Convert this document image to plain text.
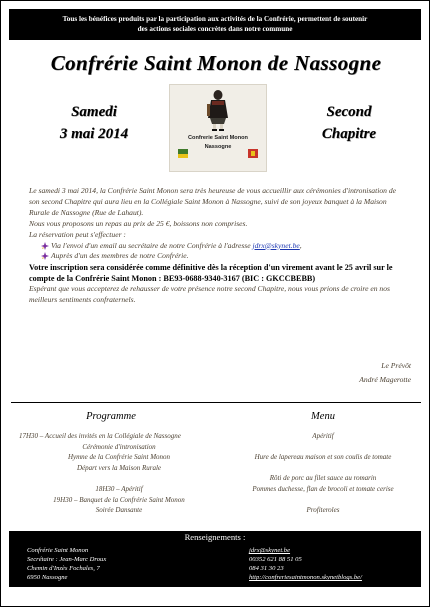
Tous les bénéfices produits par la participation aux activités de la Confrérie, permettent de soutenir
des actions sociales concrètes dans notre commune
Confrérie Saint Monon de Nassogne
Samedi
3 mai 2014	Confrerie Saint Monon
Nassogne
Second
Chapitre

Le samedi 3 mai 2014, la Confrérie Saint Monon sera très heureuse de vous accueillir aux cérémonies d'intronisation de son second Chapitre qui aura lieu en la Collégiale Saint Monon à Nassogne, suivi de son joyeux banquet à la Maison Rurale de Nassogne (Rue de Lahaut).

Nous vous proposons un repas au prix de 25 €, boissons non comprises.

La réservation peut s'effectuer :

Via l'envoi d'un email au secrétaire de notre Confrérie à l'adresse jdrx@skynet.be,

Auprès d'un des membres de notre Confrérie.

Votre inscription sera considérée comme définitive dès la réception d'un virement avant le 25 avril sur le compte de la Confrérie Saint Monon : BE93-0688-9340-3167 (BIC : GKCCBEBB)

Espérant que vous accepterez de rehausser de votre présence notre second Chapitre, nous vous prions de croire en nos meilleurs sentiments confraternels.

Le Prévôt
André Magerotte
Programme	Menu
17H30 – Accueil des invités en la Collégiale de Nassogne
Cérémonie d'intronisation
Hymne de la Confrérie Saint Monon
Départ vers la Maison Rurale
18H30 – Apéritif
19H30 – Banquet de la Confrérie Saint Monon
Soirée Dansante
Apéritif
Hure de lapereau maison et son coulis de tomate
Rôti de porc au filet sauce au romarin
Pommes duchesse, flan de brocoli et tomate cerise
Profiteroles
Renseignements :
Confrérie Saint Monon
Secrétaire : Jean-Marc Droux
Chemin d'Inzès Fochales, 7
6950 Nassogne
jdrx@skynet.be
00352 621 88 51 05
084 31 30 23
http://confreriesaintmonon.skynetblogs.be/
